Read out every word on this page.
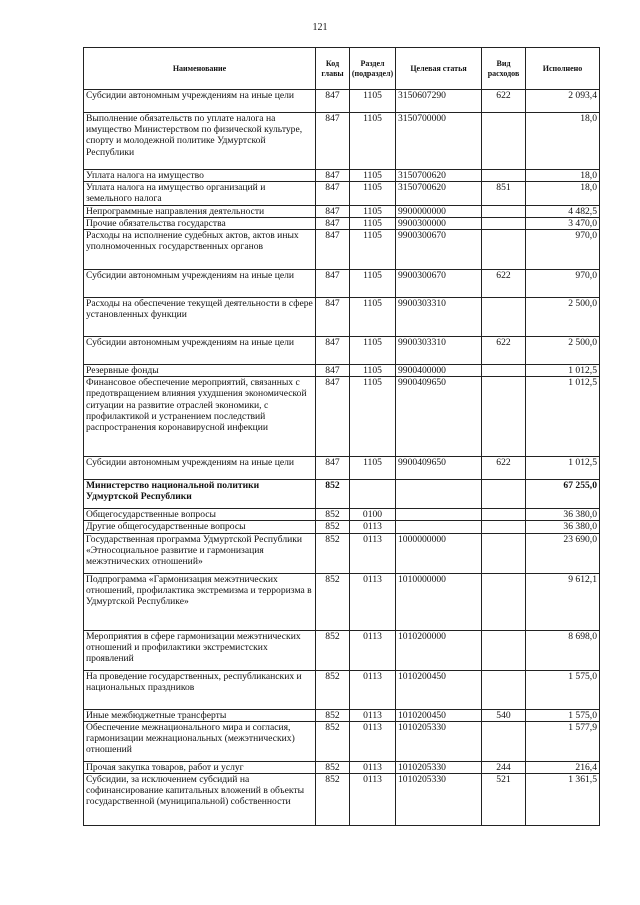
121
Наименование	Код главы	Раздел (подраздел)	Целевая статья	Вид расходов	Исполнено
Субсидии автономным учреждениям на иные цели	847	1105	3150607290	622	2 093,4
Выполнение обязательств по уплате налога на имущество Министерством по физической культуре, спорту и молодежной политике Удмуртской Республики	847	1105	3150700000		18,0
Уплата налога на имущество	847	1105	3150700620		18,0
Уплата налога на имущество организаций и земельного налога	847	1105	3150700620	851	18,0
Непрограммные направления деятельности	847	1105	9900000000		4 482,5
Прочие обязательства государства	847	1105	9900300000		3 470,0
Расходы на исполнение судебных актов, актов иных уполномоченных государственных органов	847	1105	9900300670		970,0
Субсидии автономным учреждениям на иные цели	847	1105	9900300670	622	970,0
Расходы на обеспечение текущей деятельности в сфере установленных функции	847	1105	9900303310		2 500,0
Субсидии автономным учреждениям на иные цели	847	1105	9900303310	622	2 500,0
Резервные фонды	847	1105	9900400000		1 012,5
Финансовое обеспечение мероприятий, связанных с предотвращением влияния ухудшения экономической ситуации на развитие отраслей экономики, с профилактикой и устранением последствий распространения коронавирусной инфекции	847	1105	9900409650		1 012,5
Субсидии автономным учреждениям на иные цели	847	1105	9900409650	622	1 012,5
Министерство национальной политики Удмуртской Республики	852				67 255,0
Общегосударственные вопросы	852	0100			36 380,0
Другие общегосударственные вопросы	852	0113			36 380,0
Государственная программа Удмуртской Республики «Этносоциальное развитие и гармонизация межэтнических отношений»	852	0113	1000000000		23 690,0
Подпрограмма «Гармонизация межэтнических отношений, профилактика экстремизма и терроризма в Удмуртской Республике»	852	0113	1010000000		9 612,1
Мероприятия в сфере гармонизации межэтнических отношений и профилактики экстремистских проявлений	852	0113	1010200000		8 698,0
На проведение государственных, республиканских и национальных праздников	852	0113	1010200450		1 575,0
Иные межбюджетные трансферты	852	0113	1010200450	540	1 575,0
Обеспечение межнационального мира и согласия, гармонизации межнациональных (межэтнических) отношений	852	0113	1010205330		1 577,9
Прочая закупка товаров, работ и услуг	852	0113	1010205330	244	216,4
Субсидии, за исключением субсидий на софинансирование капитальных вложений в объекты государственной (муниципальной) собственности	852	0113	1010205330	521	1 361,5
